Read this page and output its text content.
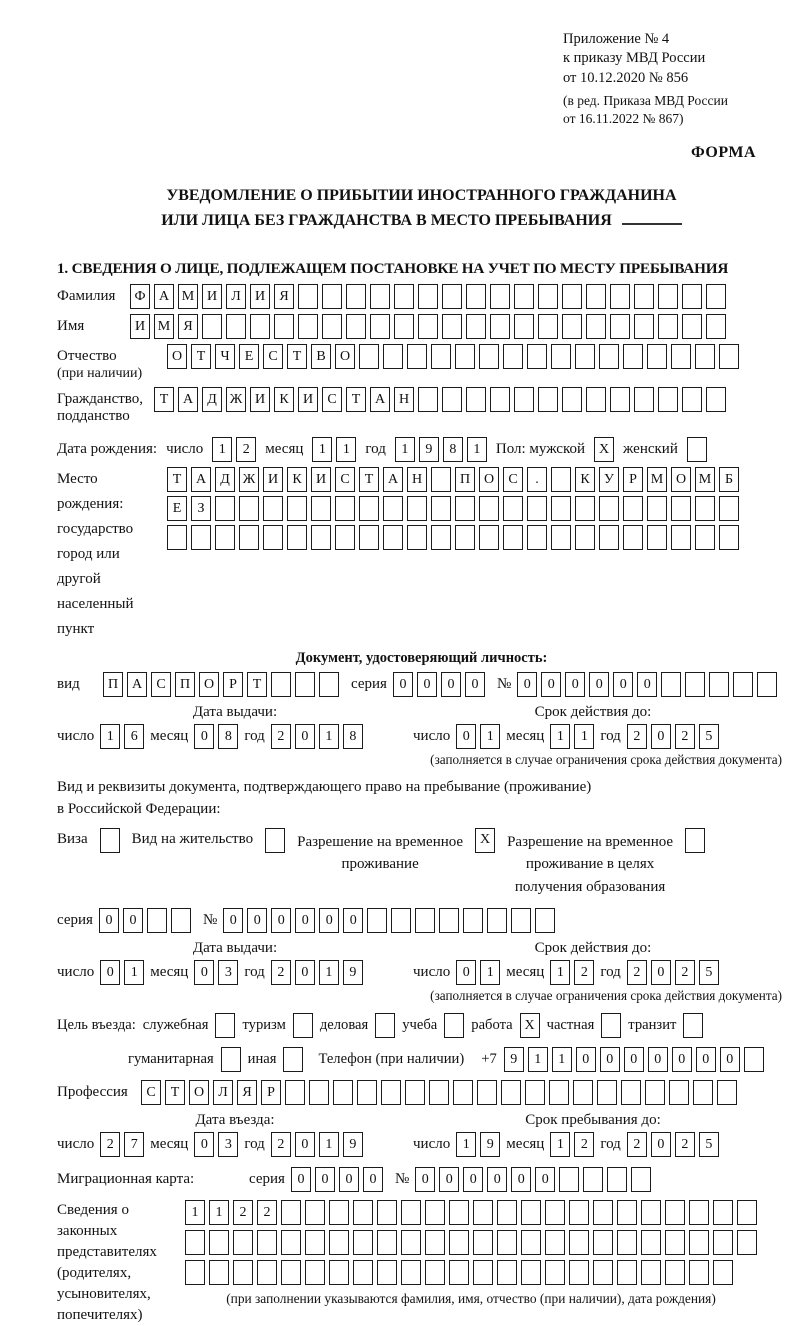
Приложение № 4
к приказу МВД России
от 10.12.2020 № 856
(в ред. Приказа МВД России
от 16.11.2022 № 867)
ФОРМА
УВЕДОМЛЕНИЕ О ПРИБЫТИИ ИНОСТРАННОГО ГРАЖДАНИНА
ИЛИ ЛИЦА БЕЗ ГРАЖДАНСТВА В МЕСТО ПРЕБЫВАНИЯ
1. СВЕДЕНИЯ О ЛИЦЕ, ПОДЛЕЖАЩЕМ ПОСТАНОВКЕ НА УЧЕТ ПО МЕСТУ ПРЕБЫВАНИЯ
Фамилия	Ф А М И	Л	И	Я
Имя	И М Я
Отчество
(при наличии)
О	Т	Ч	Е	С	Т	В	О
Гражданство,
подданство
Т	А	Д Ж И	К	И	С	Т	А Н
Дата рождения: число	1	2	месяц	1	1	год	1	9	8	1	Пол: мужской X женский
Место рождения:
государство
город или другой
населенный пункт
Т	А	Д Ж И	К	И	С	Т	А Н	П О	С	.	К	У	Р М О М Б
Е	З
Документ, удостоверяющий личность:
вид	П А	С	П О	Р	Т	серия 0	0	0	0	№ 0	0	0	0	0	0
Дата выдачи:
число 1	6 месяц 0	8 год 2	0	1	8
Срок действия до:
число 0	1 месяц 1	1 год 2	0	2	5
(заполняется в случае ограничения срока действия документа)
Вид и реквизиты документа, подтверждающего право на пребывание (проживание)
в Российской Федерации:
Виза	Вид на жительство	Разрешение на временное
проживание
X	Разрешение на временное
проживание в целях
получения образования
серия 0	0	№ 0	0	0	0	0	0
Дата выдачи:
число 0	1 месяц 0	3 год 2	0	1	9
Срок действия до:
число 0	1 месяц 1	2 год 2	0	2	5
(заполняется в случае ограничения срока действия документа)
Цель въезда: служебная туризм деловая учеба работа X частная транзит
гуманитарная иная	Телефон (при наличии) +7 9	1	1	0	0	0	0	0	0	0
Профессия	С	Т	О	Л	Я	Р
Дата въезда:
число 2	7 месяц 0	3 год 2	0	1	9
Срок пребывания до:
число 1	9 месяц 1	2 год 2	0	2	5
Миграционная карта:	серия 0	0	0	0	№ 0	0	0	0	0	0
Сведения о
законных
представителях
(родителях,
усыновителях,
попечителях)
1	1	2	2
(при заполнении указываются фамилия, имя, отчество (при наличии), дата рождения)
